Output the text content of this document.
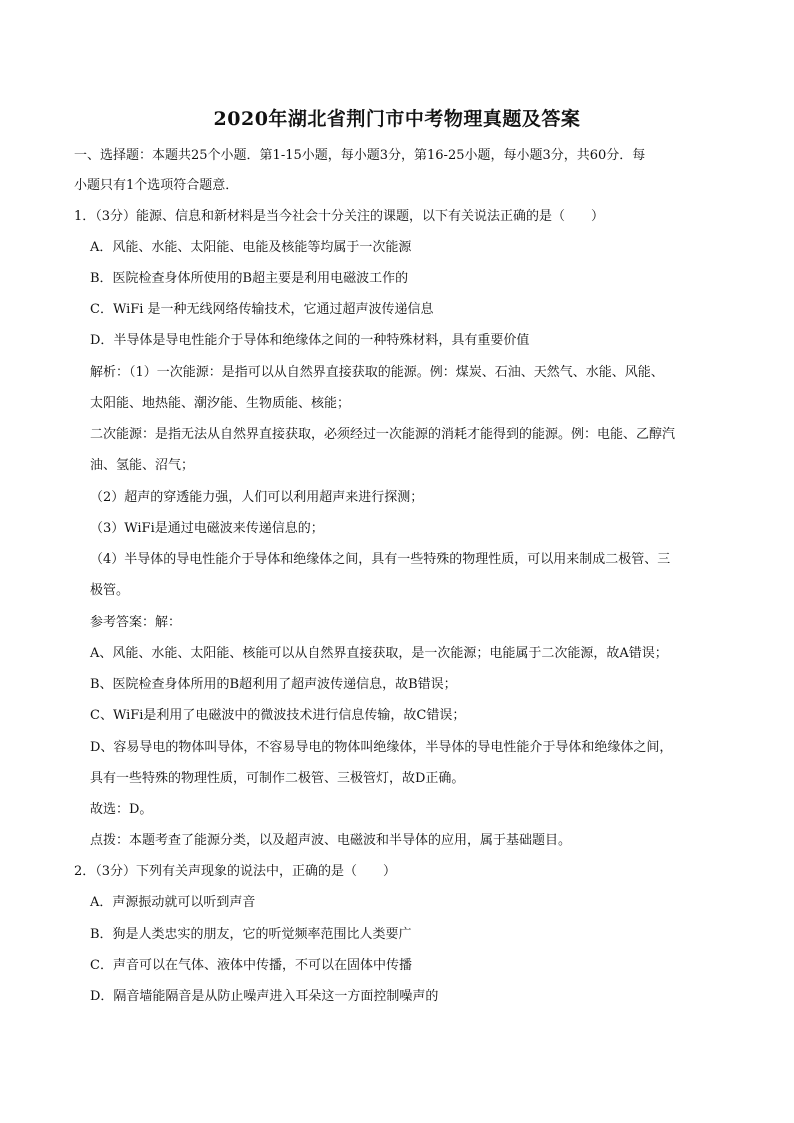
2020年湖北省荆门市中考物理真题及答案

一、选择题：本题共25个小题．第1-15小题，每小题3分，第16-25小题，每小题3分，共60分．每

小题只有1个选项符合题意．

1．（3分）能源、信息和新材料是当今社会十分关注的课题，以下有关说法正确的是（　　）

A．风能、水能、太阳能、电能及核能等均属于一次能源

B．医院检查身体所使用的B超主要是利用电磁波工作的

C．WiFi 是一种无线网络传输技术，它通过超声波传递信息

D．半导体是导电性能介于导体和绝缘体之间的一种特殊材料，具有重要价值

解析：（1）一次能源：是指可以从自然界直接获取的能源。例：煤炭、石油、天然气、水能、风能、

太阳能、地热能、潮汐能、生物质能、核能；

二次能源：是指无法从自然界直接获取，必须经过一次能源的消耗才能得到的能源。例：电能、乙醇汽

油、氢能、沼气；

（2）超声的穿透能力强，人们可以利用超声来进行探测；

（3）WiFi是通过电磁波来传递信息的；

（4）半导体的导电性能介于导体和绝缘体之间，具有一些特殊的物理性质，可以用来制成二极管、三

极管。

参考答案：解：

A、风能、水能、太阳能、核能可以从自然界直接获取，是一次能源；电能属于二次能源，故A错误；

B、医院检查身体所用的B超利用了超声波传递信息，故B错误；

C、WiFi是利用了电磁波中的微波技术进行信息传输，故C错误；

D、容易导电的物体叫导体，不容易导电的物体叫绝缘体，半导体的导电性能介于导体和绝缘体之间，

具有一些特殊的物理性质，可制作二极管、三极管灯，故D正确。

故选：D。

点拨：本题考查了能源分类，以及超声波、电磁波和半导体的应用，属于基础题目。

2．（3分）下列有关声现象的说法中，正确的是（　　）

A．声源振动就可以听到声音

B．狗是人类忠实的朋友，它的听觉频率范围比人类要广

C．声音可以在气体、液体中传播，不可以在固体中传播

D．隔音墙能隔音是从防止噪声进入耳朵这一方面控制噪声的
